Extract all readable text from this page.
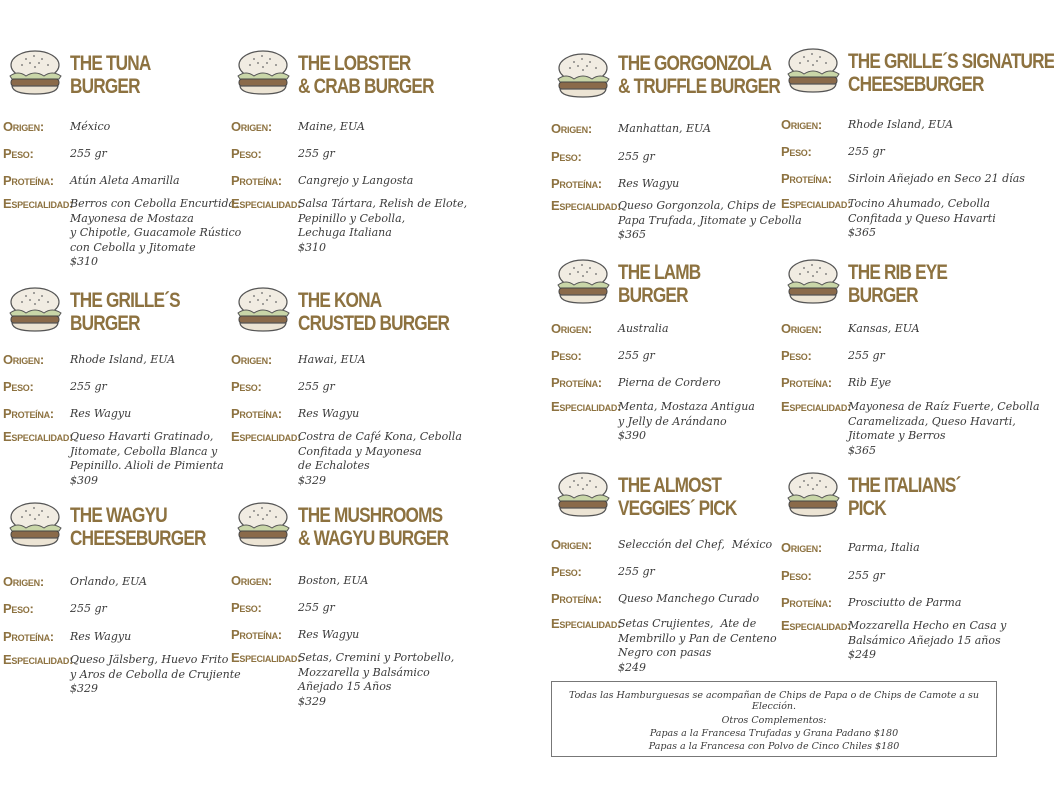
THE TUNA
BURGER
Origen: México
Peso:	255 gr
Proteína: Atún Aleta Amarilla
Especialidad:
Berros con Cebolla Encurtida,
Mayonesa de Mostaza
y Chipotle, Guacamole Rústico
con Cebolla y Jitomate
$310
THE LOBSTER
& CRAB BURGER
Origen: Maine, EUA
Peso:	255 gr
Proteína: Cangrejo y Langosta
Especialidad:
Salsa Tártara, Relish de Elote,
Pepinillo y Cebolla,
Lechuga Italiana
$310
THE GORGONZOLA
& TRUFFLE BURGER
Origen: Manhattan, EUA
Peso:	255 gr
Proteína: Res Wagyu
Especialidad:
Queso Gorgonzola, Chips de
Papa Trufada, Jitomate y Cebolla
$365
THE GRILLE´S SIGNATURE
CHEESEBURGER
Origen: Rhode Island, EUA
Peso:	255 gr
Proteína: Sirloin Añejado en Seco 21 días
Especialidad:
Tocino Ahumado, Cebolla
Confitada y Queso Havarti
$365
THE GRILLE´S
BURGER
Origen: Rhode Island, EUA
Peso:	255 gr
Proteína: Res Wagyu
Especialidad:
Queso Havarti Gratinado,
Jitomate, Cebolla Blanca y
Pepinillo. Alioli de Pimienta
$309
THE KONA
CRUSTED BURGER
Origen: Hawai, EUA
Peso:	255 gr
Proteína: Res Wagyu
Especialidad:
Costra de Café Kona, Cebolla
Confitada y Mayonesa
de Echalotes
$329
THE LAMB
BURGER
Origen: Australia
Peso:	255 gr
Proteína: Pierna de Cordero
Especialidad:
Menta, Mostaza Antigua
y Jelly de Arándano
$390
THE RIB EYE
BURGER
Origen: Kansas, EUA
Peso:	255 gr
Proteína: Rib Eye
Especialidad:
Mayonesa de Raíz Fuerte, Cebolla
Caramelizada, Queso Havarti,
Jitomate y Berros
$365
THE WAGYU
CHEESEBURGER
Origen: Orlando, EUA
Peso:	255 gr
Proteína: Res Wagyu
Especialidad:
Queso Jälsberg, Huevo Frito
y Aros de Cebolla de Crujiente
$329
THE MUSHROOMS
& WAGYU BURGER
Origen: Boston, EUA
Peso:	255 gr
Proteína: Res Wagyu
Especialidad:
Setas, Cremini y Portobello,
Mozzarella y Balsámico
Añejado 15 Años
$329
THE ALMOST
VEGGIES´ PICK
Origen: Selección del Chef,  México
Peso:	255 gr
Proteína: Queso Manchego Curado
Especialidad:
Setas Crujientes,  Ate de
Membrillo y Pan de Centeno
Negro con pasas
$249
THE ITALIANS´
PICK
Origen: Parma, Italia
Peso:	255 gr
Proteína: Prosciutto de Parma
Especialidad:
Mozzarella Hecho en Casa y
Balsámico Añejado 15 años
$249
Todas las Hamburguesas se acompañan de Chips de Papa o de Chips de Camote a su Elección.
Otros Complementos:
Papas a la Francesa Trufadas y Grana Padano $180
Papas a la Francesa con Polvo de Cinco Chiles $180
